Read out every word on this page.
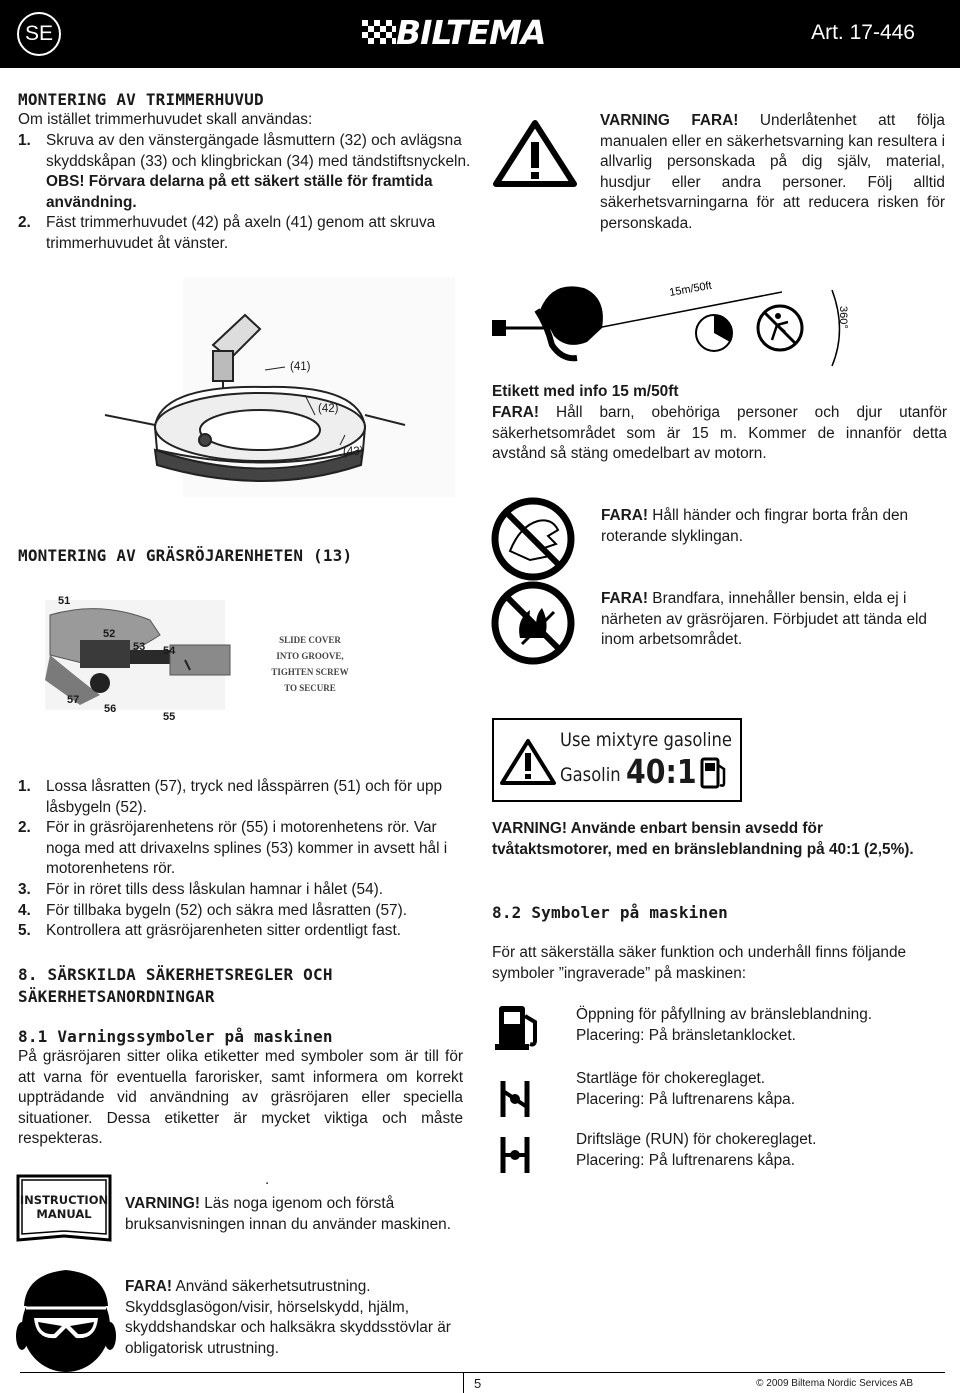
SE	BILTEMA	Art. 17-446
MONTERING AV TRIMMERHUVUD

Om istället trimmerhuvudet skall användas:

1. Skruva av den vänstergängade låsmuttern (32) och avlägsna skyddskåpan (33) och klingbrickan (34) med tändstiftsnyckeln. OBS! Förvara delarna på ett säkert ställe för framtida användning.
2. Fäst trimmerhuvudet (42) på axeln (41) genom att skruva trimmerhuvudet åt vänster.
(41)
(42)
(43)

VARNING FARA! Underlåtenhet att följa manualen eller en säkerhetsvarning kan resultera i allvarlig personskada på dig själv, material, husdjur eller andra personer. Följ alltid säkerhetsvarningarna för att reducera risken för personskada.

15m/50ft
360°
Etikett med info 15 m/50ft

FARA! Håll barn, obehöriga personer och djur utanför säkerhetsområdet som är 15 m. Kommer de innanför detta avstånd så stäng omedelbart av motorn.

FARA! Håll händer och fingrar borta från den roterande slyklingan.

FARA! Brandfara, innehåller bensin, elda ej i närheten av gräsröjaren. Förbjudet att tända eld inom arbetsområdet.

MONTERING AV GRÄSRÖJARENHETEN (13)
51
52
53 54
57
56
55
SLIDE COVER
INTO GROOVE,
TIGHTEN SCREW
TO SECURE
1. Lossa låsratten (57), tryck ned låsspärren (51) och för upp låsbygeln (52).
2. För in gräsröjarenhetens rör (55) i motorenhetens rör. Var noga med att drivaxelns splines (53) kommer in avsett hål i motorenhetens rör.
3. För in röret tills dess låskulan hamnar i hålet (54).
4. För tillbaka bygeln (52) och säkra med låsratten (57).
5. Kontrollera att gräsröjarenheten sitter ordentligt fast.
Use mixtyre gasoline
Gasolin 40:1

VARNING! Använde enbart bensin avsedd för tvåtaktsmotorer, med en bränsleblandning på 40:1 (2,5%).

8. SÄRSKILDA SÄKERHETSREGLER OCH
SÄKERHETSANORDNINGAR
8.1 Varningssymboler på maskinen

På gräsröjaren sitter olika etiketter med symboler som är till för att varna för eventuella farorisker, samt informera om korrekt uppträdande vid användning av gräsröjaren eller speciella situationer. Dessa etiketter är mycket viktiga och måste respekteras.

INSTRUCTION
MANUAL
.

VARNING! Läs noga igenom och förstå bruksanvisningen innan du använder maskinen.

FARA! Använd säkerhetsutrustning. Skyddsglasögon/visir, hörselskydd, hjälm, skyddshandskar och halksäkra skyddsstövlar är obligatorisk utrustning.

8.2 Symboler på maskinen

För att säkerställa säker funktion och underhåll finns följande symboler ”ingraverade” på maskinen:

Öppning för påfyllning av bränsleblandning.
Placering: På bränsletanklocket.

Startläge för chokereglaget.
Placering: På luftrenarens kåpa.

Driftsläge (RUN) för chokereglaget.
Placering: På luftrenarens kåpa.

5	© 2009 Biltema Nordic Services AB
